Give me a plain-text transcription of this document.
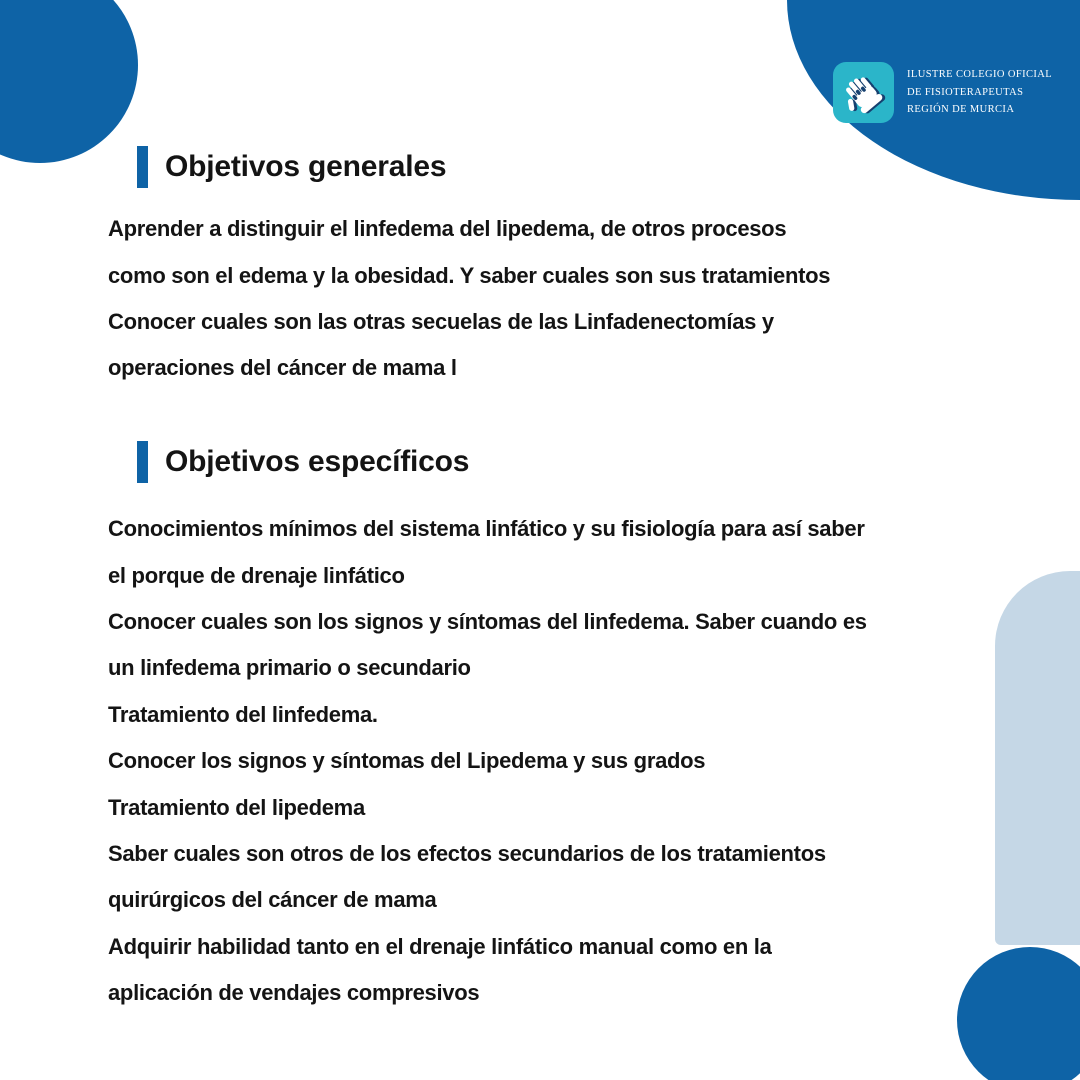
ILUSTRE COLEGIO OFICIAL
DE FISIOTERAPEUTAS
REGIÓN DE MURCIA
Objetivos generales
Aprender a distinguir el linfedema del lipedema, de otros procesos
como son el edema y la obesidad. Y saber cuales son sus tratamientos
Conocer cuales son las otras secuelas de las Linfadenectomías y
operaciones del cáncer de mama l
Objetivos específicos
Conocimientos mínimos del sistema linfático y su fisiología para así saber
el porque de drenaje linfático
Conocer cuales son los signos y síntomas del linfedema. Saber cuando es
un linfedema primario o secundario
Tratamiento del linfedema.
Conocer los signos y síntomas del Lipedema y sus grados
Tratamiento del lipedema
Saber cuales son otros de los efectos secundarios de los tratamientos
quirúrgicos del cáncer de mama
Adquirir habilidad tanto en el drenaje linfático manual como en la
aplicación de vendajes compresivos
